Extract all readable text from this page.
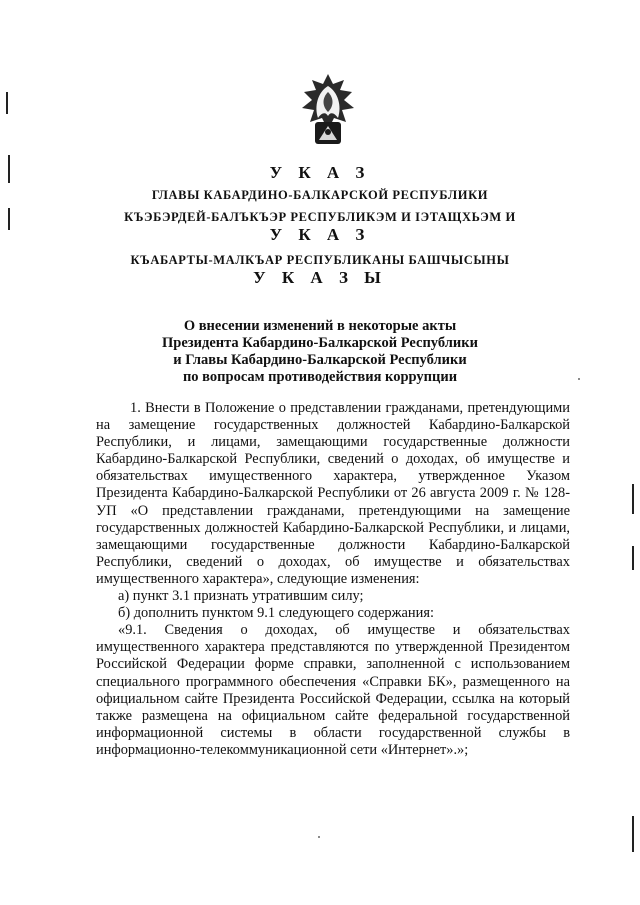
У К А З
ГЛАВЫ КАБАРДИНО-БАЛКАРСКОЙ РЕСПУБЛИКИ
КЪЭБЭРДЕЙ-БАЛЪКЪЭР РЕСПУБЛИКЭМ И ІЭТАЩХЬЭМ И
У К А З
КЪАБАРТЫ-МАЛКЪАР РЕСПУБЛИКАНЫ БАШЧЫСЫНЫ
У К А З Ы
О внесении изменений в некоторые акты
Президента Кабардино-Балкарской Республики
и Главы Кабардино-Балкарской Республики
по вопросам противодействия коррупции

1. Внести в Положение о представлении гражданами, претендующими на замещение государственных должностей Кабардино-Балкарской Республики, и лицами, замещающими государственные должности Кабардино-Балкарской Республики, сведений о доходах, об имуществе и обязательствах имущественного характера, утвержденное Указом Президента Кабардино-Балкарской Республики от 26 августа 2009 г. № 128-УП «О представлении гражданами, претендующими на замещение государственных должностей Кабардино-Балкарской Республики, и лицами, замещающими государственные должности Кабардино-Балкарской Республики, сведений о доходах, об имуществе и обязательствах имущественного характера», следующие изменения:

а) пункт 3.1 признать утратившим силу;

б) дополнить пунктом 9.1 следующего содержания:

«9.1. Сведения о доходах, об имуществе и обязательствах имущественного характера представляются по утвержденной Президентом Российской Федерации форме справки, заполненной с использованием специального программного обеспечения «Справки БК», размещенного на официальном сайте Президента Российской Федерации, ссылка на который также размещена на официальном сайте федеральной государственной информационной системы в области государственной службы в информационно-телекоммуникационной сети «Интернет».»;
